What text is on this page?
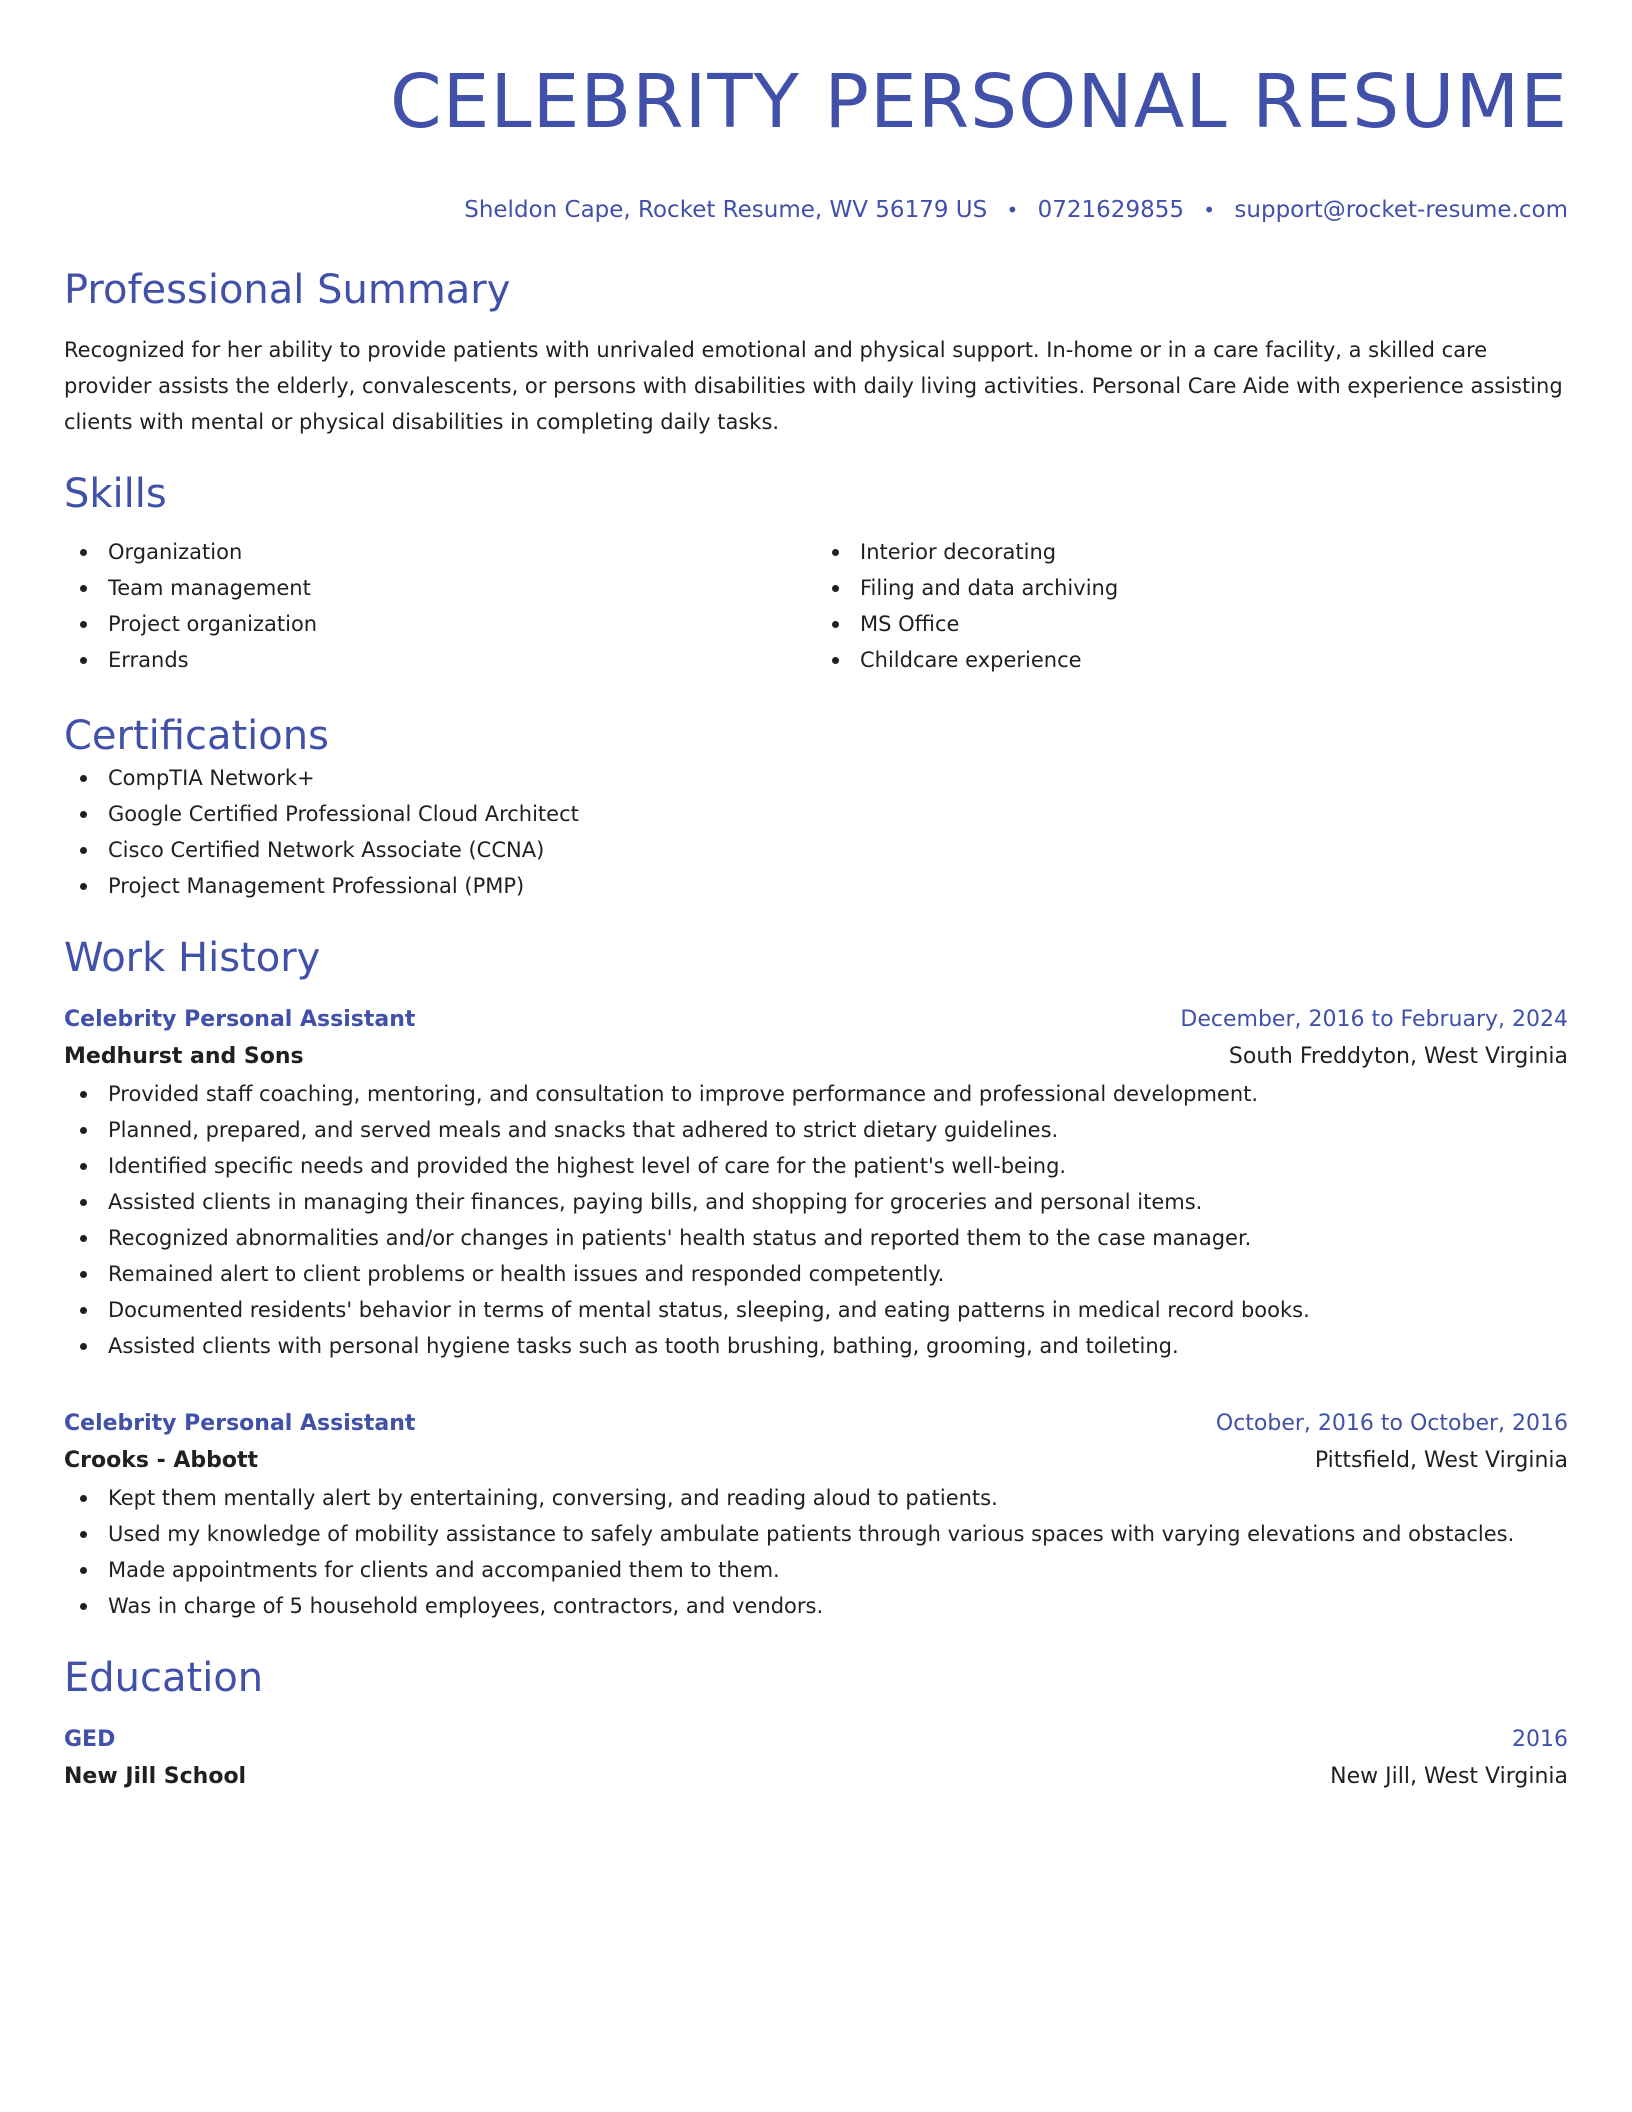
CELEBRITY PERSONAL RESUME
Sheldon Cape, Rocket Resume, WV 56179 US • 0721629855 • support@rocket-resume.com
Professional Summary

Recognized for her ability to provide patients with unrivaled emotional and physical support. In-home or in a care facility, a skilled care provider assists the elderly, convalescents, or persons with disabilities with daily living activities. Personal Care Aide with experience assisting clients with mental or physical disabilities in completing daily tasks.

Skills
Organization
Team management
Project organization
Errands
Interior decorating
Filing and data archiving
MS Office
Childcare experience
Certifications
CompTIA Network+
Google Certified Professional Cloud Architect
Cisco Certified Network Associate (CCNA)
Project Management Professional (PMP)
Work History
Celebrity Personal Assistant	December, 2016 to February, 2024
Medhurst and Sons	South Freddyton, West Virginia
Provided staff coaching, mentoring, and consultation to improve performance and professional development.
Planned, prepared, and served meals and snacks that adhered to strict dietary guidelines.
Identified specific needs and provided the highest level of care for the patient's well-being.
Assisted clients in managing their finances, paying bills, and shopping for groceries and personal items.
Recognized abnormalities and/or changes in patients' health status and reported them to the case manager.
Remained alert to client problems or health issues and responded competently.
Documented residents' behavior in terms of mental status, sleeping, and eating patterns in medical record books.
Assisted clients with personal hygiene tasks such as tooth brushing, bathing, grooming, and toileting.
Celebrity Personal Assistant	October, 2016 to October, 2016
Crooks - Abbott	Pittsfield, West Virginia
Kept them mentally alert by entertaining, conversing, and reading aloud to patients.
Used my knowledge of mobility assistance to safely ambulate patients through various spaces with varying elevations and obstacles.
Made appointments for clients and accompanied them to them.
Was in charge of 5 household employees, contractors, and vendors.
Education
GED	2016
New Jill School	New Jill, West Virginia
